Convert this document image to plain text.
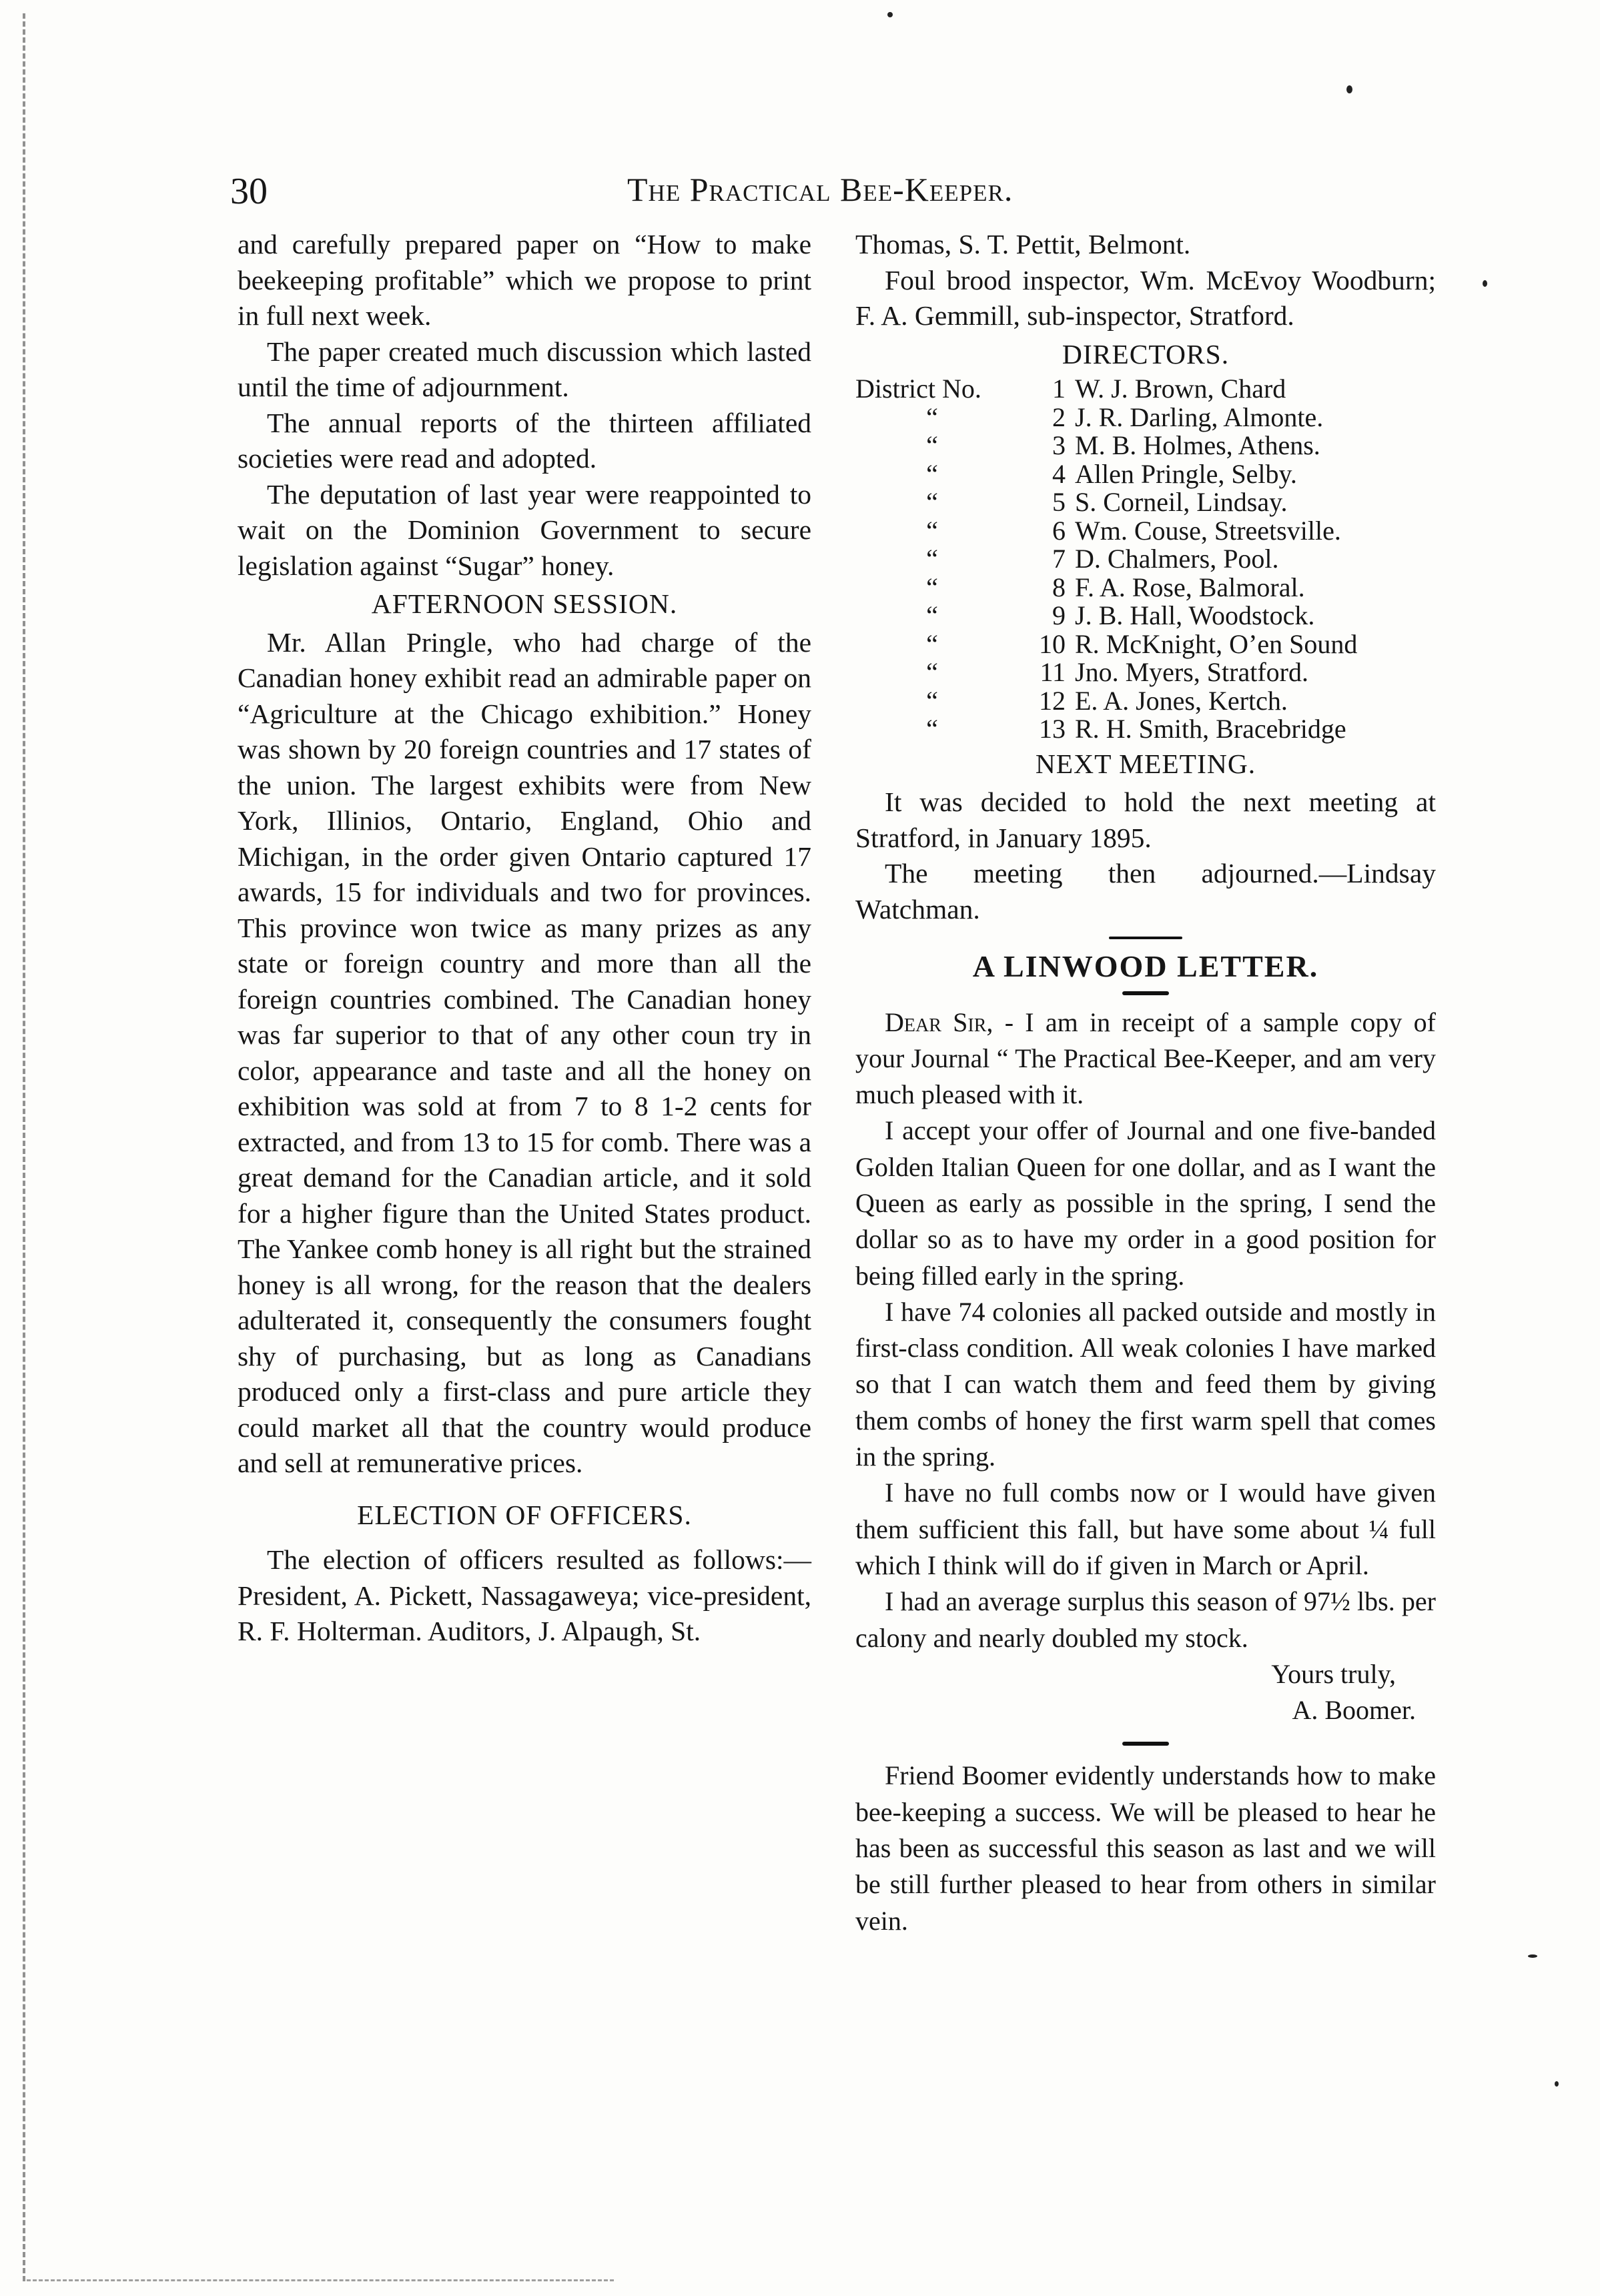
30	The Practical Bee-Keeper.

and carefully prepared paper on “How to make beekeeping profitable” which we propose to print in full next week.

The paper created much discussion which lasted until the time of adjournment.

The annual reports of the thirteen affiliated societies were read and adopted.

The deputation of last year were reappointed to wait on the Dominion Government to secure legislation against “Sugar” honey.

AFTERNOON SESSION.

Mr. Allan Pringle, who had charge of the Canadian honey exhibit read an admirable paper on “Agriculture at the Chicago exhibition.” Honey was shown by 20 foreign countries and 17 states of the union. The largest exhibits were from New York, Illinios, Ontario, England, Ohio and Michigan, in the order given Ontario captured 17 awards, 15 for individuals and two for provinces. This province won twice as many prizes as any state or foreign country and more than all the foreign countries combined. The Canadian honey was far superior to that of any other coun try in color, appearance and taste and all the honey on exhibition was sold at from 7 to 8 1-2 cents for extracted, and from 13 to 15 for comb. There was a great demand for the Canadian article, and it sold for a higher figure than the United States product. The Yankee comb honey is all right but the strained honey is all wrong, for the reason that the dealers adulterated it, consequently the consumers fought shy of purchasing, but as long as Canadians produced only a first-class and pure article they could market all that the country would produce and sell at remunerative prices.

ELECTION OF OFFICERS.

The election of officers resulted as follows:—President, A. Pickett, Nassagaweya; vice-president, R. F. Holterman. Auditors, J. Alpaugh, St.

Thomas, S. T. Pettit, Belmont.

Foul brood inspector, Wm. McEvoy Woodburn; F. A. Gemmill, sub-inspector, Stratford.

DIRECTORS.
District No.	1 W. J. Brown, Chard
“	2 J. R. Darling, Almonte.
“	3 M. B. Holmes, Athens.
“	4 Allen Pringle, Selby.
“	5 S. Corneil, Lindsay.
“	6 Wm. Couse, Streetsville.
“	7 D. Chalmers, Pool.
“	8 F. A. Rose, Balmoral.
“	9 J. B. Hall, Woodstock.
“	10 R. McKnight, O’en Sound
“	11 Jno. Myers, Stratford.
“	12 E. A. Jones, Kertch.
“	13 R. H. Smith, Bracebridge
NEXT MEETING.

It was decided to hold the next meeting at Stratford, in January 1895.

The meeting then adjourned.—Lindsay Watchman.

A LINWOOD LETTER.

Dear Sir, - I am in receipt of a sample copy of your Journal “ The Practical Bee-Keeper, and am very much pleased with it.

I accept your offer of Journal and one five-banded Golden Italian Queen for one dollar, and as I want the Queen as early as possible in the spring, I send the dollar so as to have my order in a good position for being filled early in the spring.

I have 74 colonies all packed outside and mostly in first-class condition. All weak colonies I have marked so that I can watch them and feed them by giving them combs of honey the first warm spell that comes in the spring.

I have no full combs now or I would have given them sufficient this fall, but have some about ¼ full which I think will do if given in March or April.

I had an average surplus this season of 97½ lbs. per calony and nearly doubled my stock.

Yours truly,
A. Boomer.

Friend Boomer evidently understands how to make bee-keeping a success. We will be pleased to hear he has been as successful this season as last and we will be still further pleased to hear from others in similar vein.
